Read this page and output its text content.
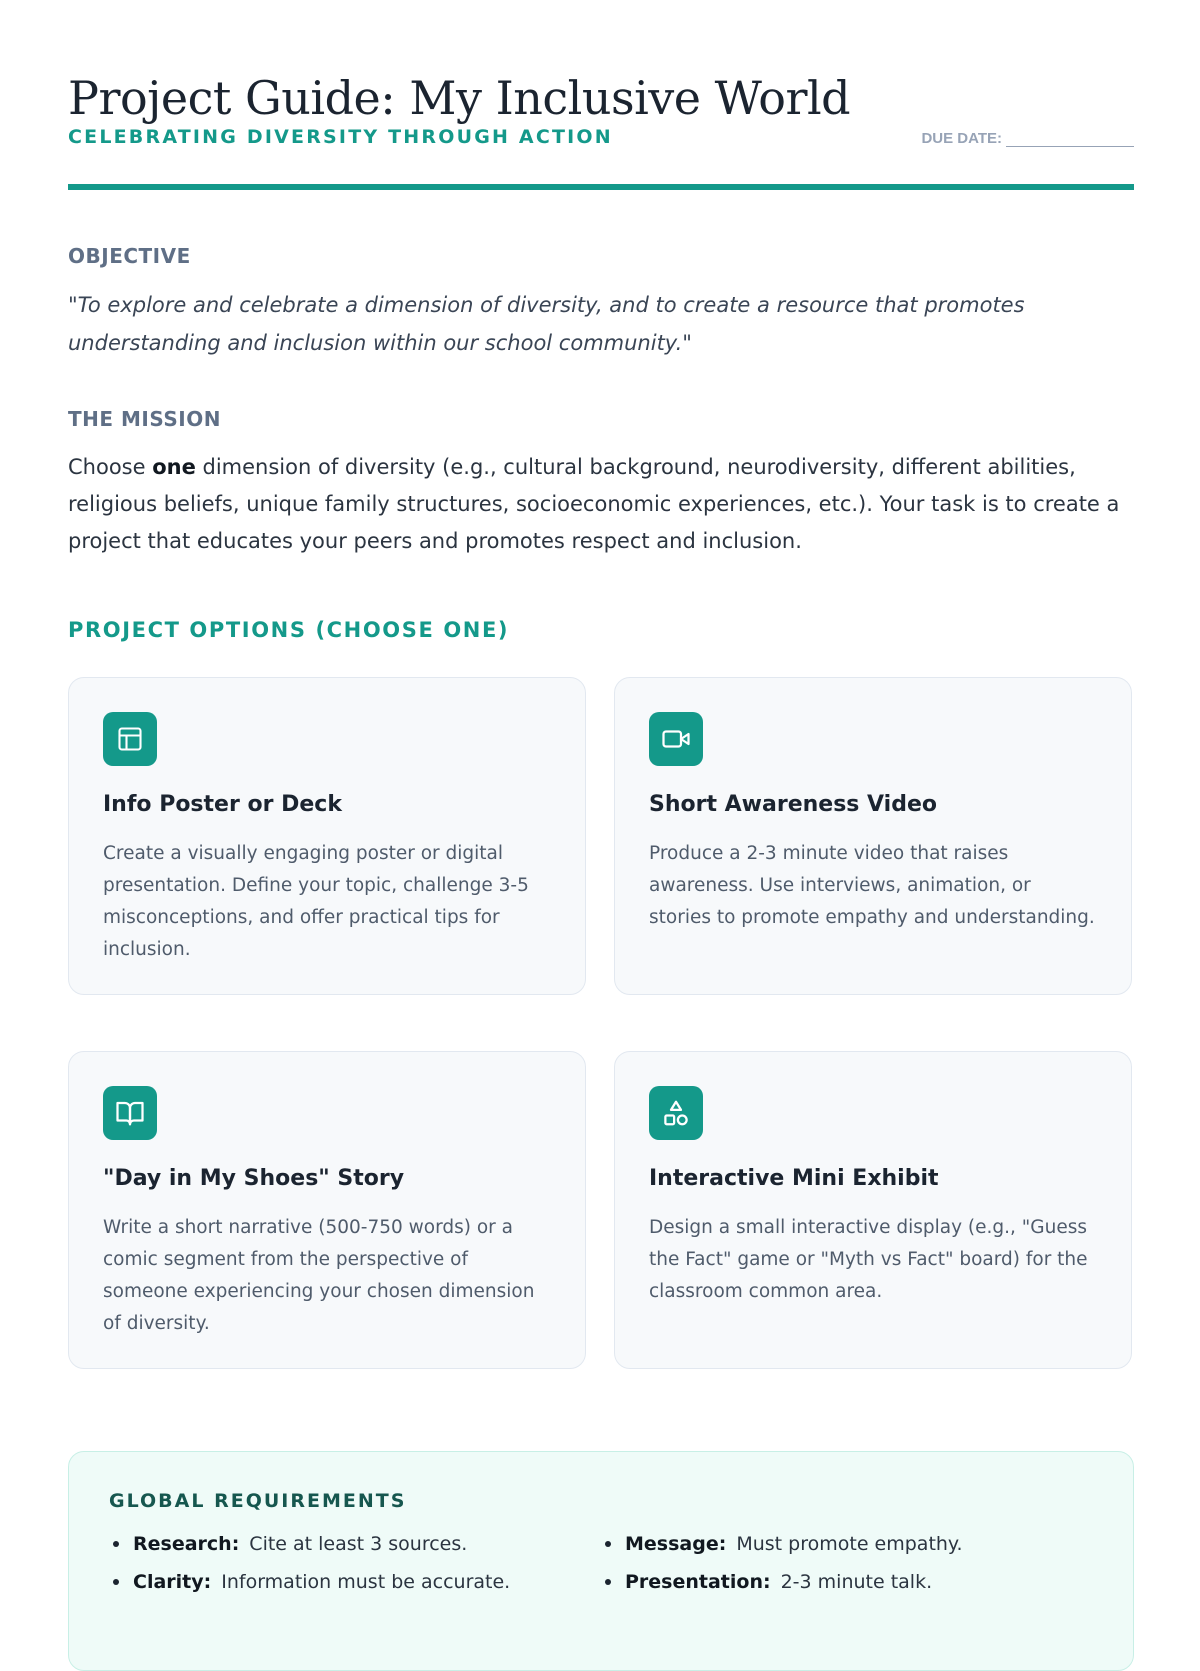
Project Guide: My Inclusive World
CELEBRATING DIVERSITY THROUGH ACTION	DUE DATE:
OBJECTIVE

"To explore and celebrate a dimension of diversity, and to create a resource that promotes understanding and inclusion within our school community."

THE MISSION

Choose one dimension of diversity (e.g., cultural background, neurodiversity, different abilities, religious beliefs, unique family structures, socioeconomic experiences, etc.). Your task is to create a project that educates your peers and promotes respect and inclusion.

PROJECT OPTIONS (CHOOSE ONE)
Info Poster or Deck

Create a visually engaging poster or digital presentation. Define your topic, challenge 3-5 misconceptions, and offer practical tips for inclusion.

Short Awareness Video

Produce a 2-3 minute video that raises awareness. Use interviews, animation, or stories to promote empathy and understanding.

"Day in My Shoes" Story

Write a short narrative (500-750 words) or a comic segment from the perspective of someone experiencing your chosen dimension of diversity.

Interactive Mini Exhibit

Design a small interactive display (e.g., "Guess the Fact" game or "Myth vs Fact" board) for the classroom common area.

GLOBAL REQUIREMENTS
Research: Cite at least 3 sources.	Message: Must promote empathy.
Clarity: Information must be accurate.	Presentation: 2-3 minute talk.
